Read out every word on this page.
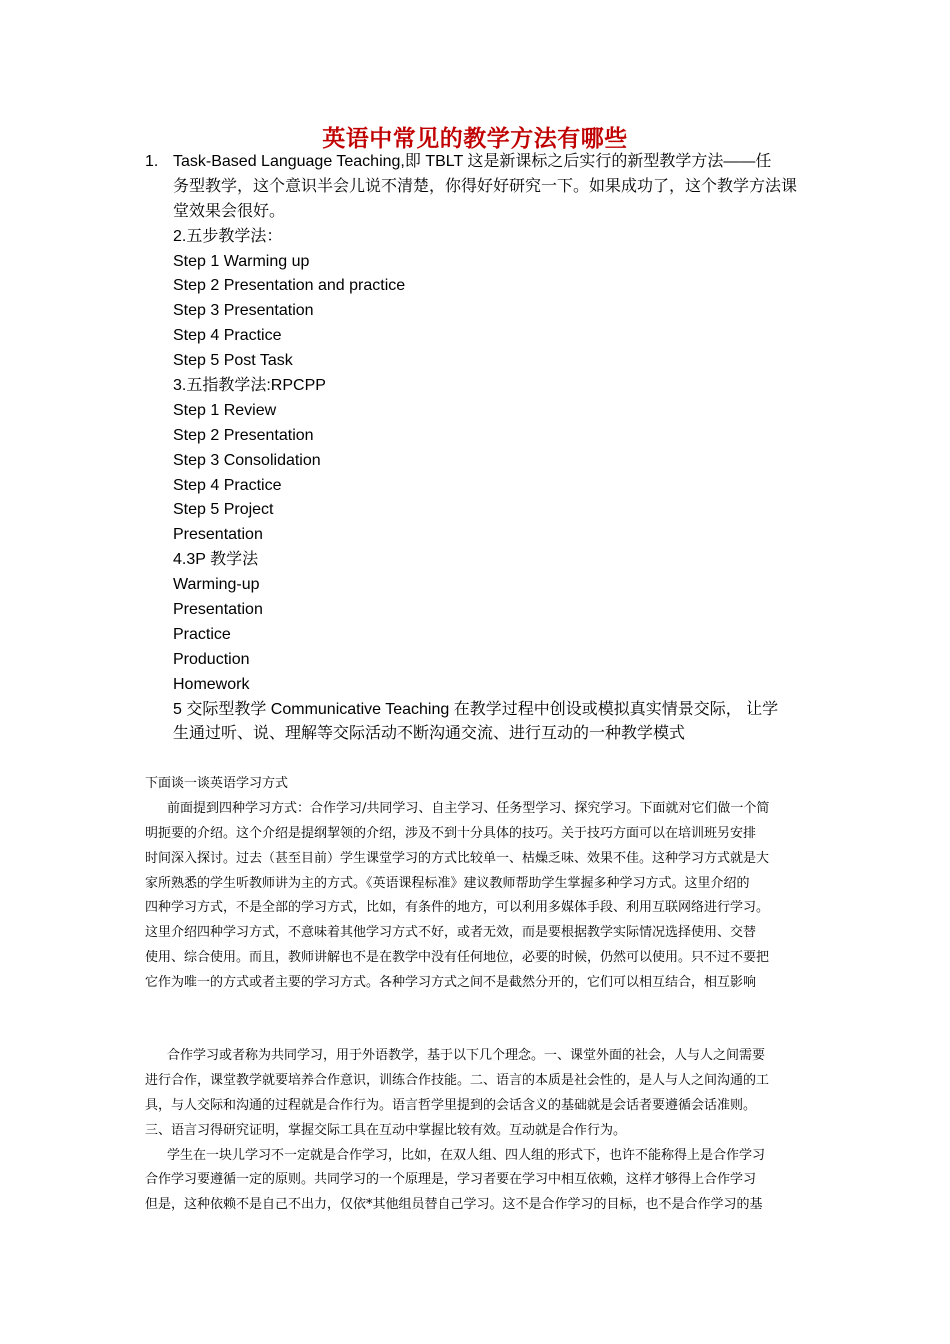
英语中常见的教学方法有哪些
1. Task-Based Language Teaching,即 TBLT 这是新课标之后实行的新型教学方法——任
务型教学，这个意识半会儿说不清楚，你得好好研究一下。如果成功了，这个教学方法课
堂效果会很好。
2.五步教学法：
Step 1 Warming up
Step 2 Presentation and practice
Step 3 Presentation
Step 4 Practice
Step 5 Post Task
3.五指教学法:RPCPP
Step 1 Review
Step 2 Presentation
Step 3 Consolidation
Step 4 Practice
Step 5 Project
Presentation
4.3P 教学法
Warming-up
Presentation
Practice
Production
Homework
5 交际型教学 Communicative Teaching 在教学过程中创设或模拟真实情景交际， 让学
生通过听、说、理解等交际活动不断沟通交流、进行互动的一种教学模式
下面谈一谈英语学习方式
前面提到四种学习方式：合作学习/共同学习、自主学习、任务型学习、探究学习。下面就对它们做一个简
明扼要的介绍。这个介绍是提纲挈领的介绍，涉及不到十分具体的技巧。关于技巧方面可以在培训班另安排
时间深入探讨。过去（甚至目前）学生课堂学习的方式比较单一、枯燥乏味、效果不佳。这种学习方式就是大
家所熟悉的学生听教师讲为主的方式。《英语课程标准》建议教师帮助学生掌握多种学习方式。这里介绍的
四种学习方式，不是全部的学习方式，比如，有条件的地方，可以利用多媒体手段、利用互联网络进行学习。
这里介绍四种学习方式，不意味着其他学习方式不好，或者无效，而是要根据教学实际情况选择使用、交替
使用、综合使用。而且，教师讲解也不是在教学中没有任何地位，必要的时候，仍然可以使用。只不过不要把
它作为唯一的方式或者主要的学习方式。各种学习方式之间不是截然分开的，它们可以相互结合，相互影响
合作学习或者称为共同学习，用于外语教学，基于以下几个理念。一、课堂外面的社会，人与人之间需要
进行合作，课堂教学就要培养合作意识，训练合作技能。二、语言的本质是社会性的，是人与人之间沟通的工
具，与人交际和沟通的过程就是合作行为。语言哲学里提到的会话含义的基础就是会话者要遵循会话准则。
三、语言习得研究证明，掌握交际工具在互动中掌握比较有效。互动就是合作行为。
学生在一块儿学习不一定就是合作学习，比如，在双人组、四人组的形式下，也许不能称得上是合作学习
合作学习要遵循一定的原则。共同学习的一个原理是，学习者要在学习中相互依赖，这样才够得上合作学习
但是，这种依赖不是自己不出力，仅依*其他组员替自己学习。这不是合作学习的目标，也不是合作学习的基
